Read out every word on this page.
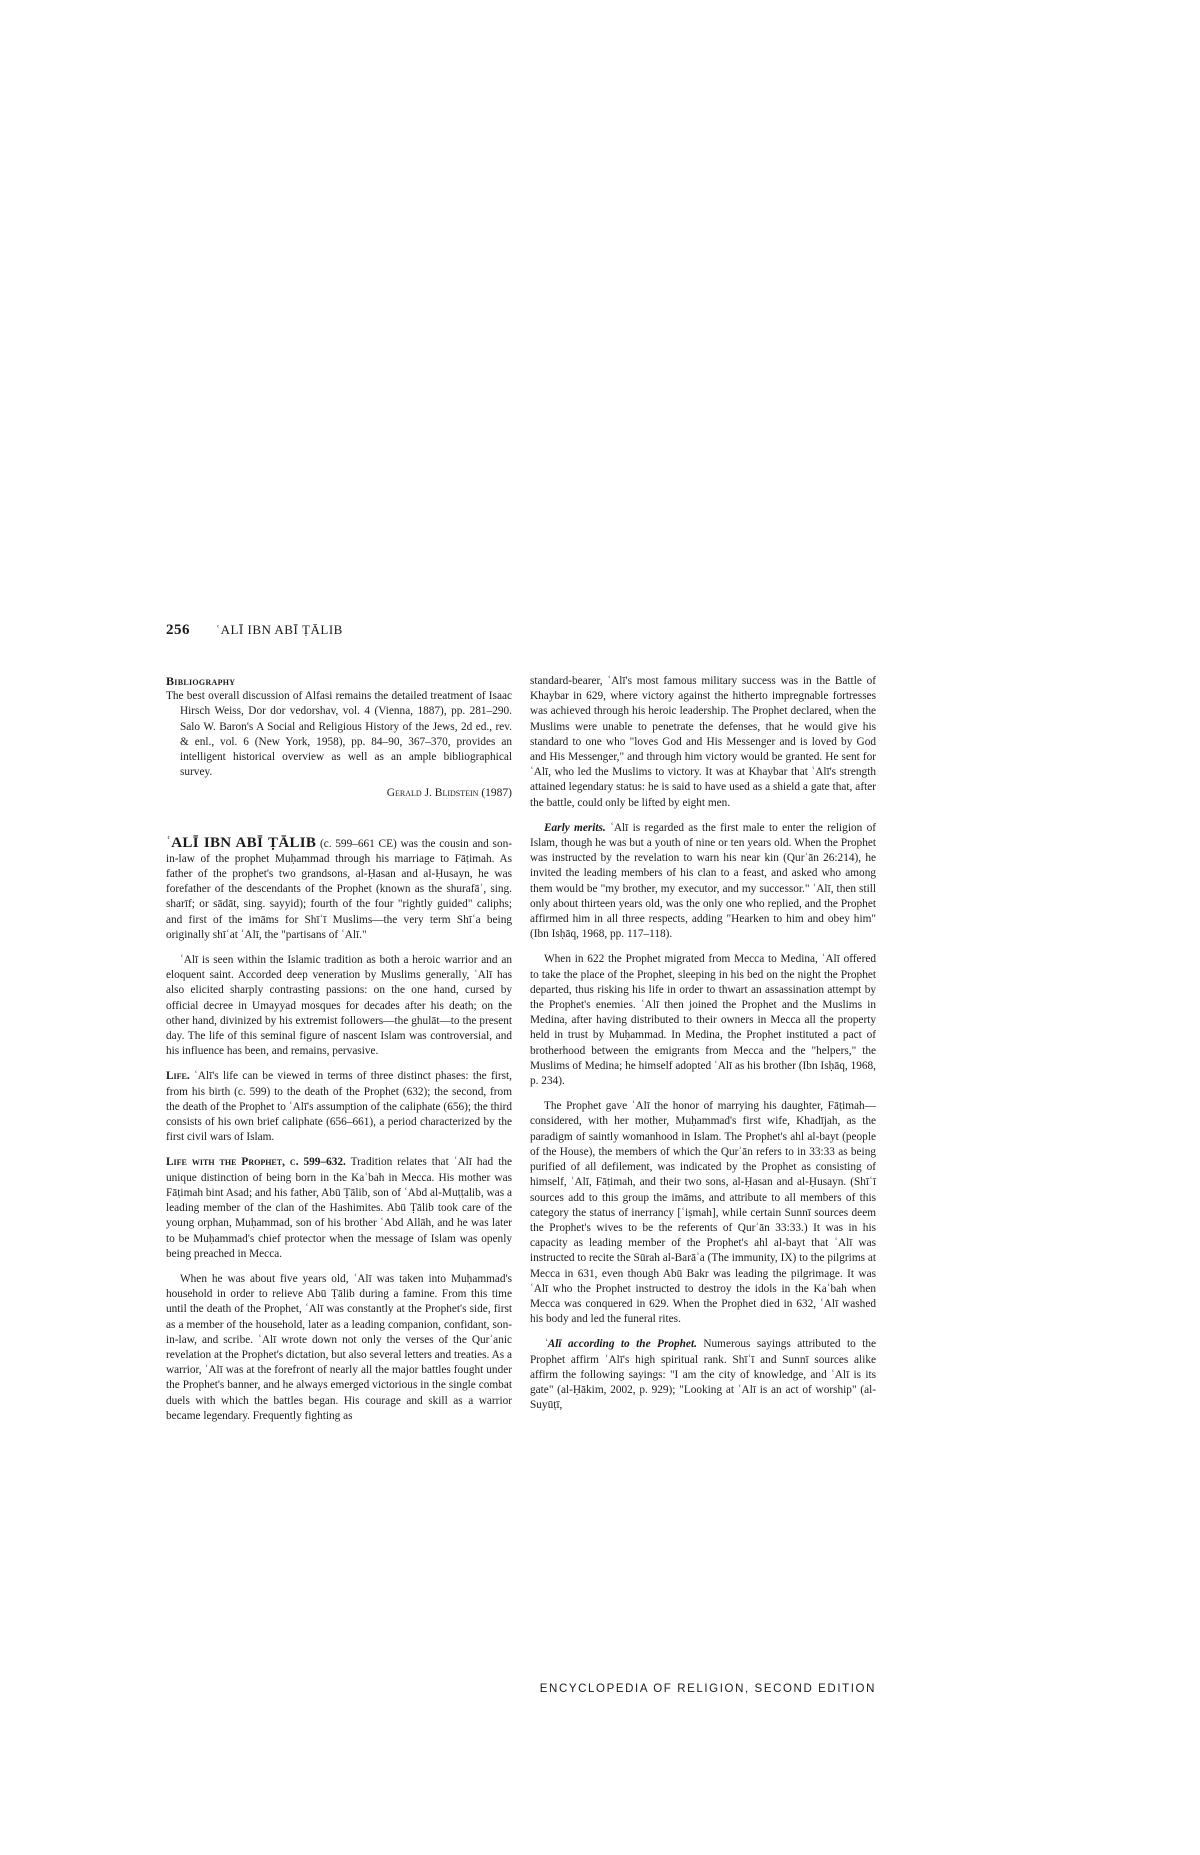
256 ʿALĪ IBN ABĪ ṬĀLIB
Bibliography

The best overall discussion of Alfasi remains the detailed treatment of Isaac Hirsch Weiss, Dor dor vedorshav, vol. 4 (Vienna, 1887), pp. 281–290. Salo W. Baron's A Social and Religious History of the Jews, 2d ed., rev. & enl., vol. 6 (New York, 1958), pp. 84–90, 367–370, provides an intelligent historical overview as well as an ample bibliographical survey.

Gerald J. Blidstein (1987)

ʿALĪ IBN ABĪ ṬĀLIB (c. 599–661 CE) was the cousin and son-in-law of the prophet Muḥammad through his marriage to Fāṭimah. As father of the prophet's two grandsons, al-Ḥasan and al-Ḥusayn, he was forefather of the descendants of the Prophet (known as the shurafāʾ, sing. sharīf; or sādāt, sing. sayyid); fourth of the four "rightly guided" caliphs; and first of the imāms for Shīʿī Muslims—the very term Shīʿa being originally shīʿat ʿAlī, the "partisans of ʿAlī."

ʿAlī is seen within the Islamic tradition as both a heroic warrior and an eloquent saint. Accorded deep veneration by Muslims generally, ʿAlī has also elicited sharply contrasting passions: on the one hand, cursed by official decree in Umayyad mosques for decades after his death; on the other hand, divinized by his extremist followers—the ghulāt—to the present day. The life of this seminal figure of nascent Islam was controversial, and his influence has been, and remains, pervasive.

Life. ʿAlī's life can be viewed in terms of three distinct phases: the first, from his birth (c. 599) to the death of the Prophet (632); the second, from the death of the Prophet to ʿAlī's assumption of the caliphate (656); the third consists of his own brief caliphate (656–661), a period characterized by the first civil wars of Islam.

Life with the Prophet, c. 599–632. Tradition relates that ʿAlī had the unique distinction of being born in the Kaʿbah in Mecca. His mother was Fāṭimah bint Asad; and his father, Abū Ṭālib, son of ʿAbd al-Muṭṭalib, was a leading member of the clan of the Hashimites. Abū Ṭālib took care of the young orphan, Muḥammad, son of his brother ʿAbd Allāh, and he was later to be Muḥammad's chief protector when the message of Islam was openly being preached in Mecca.

When he was about five years old, ʿAlī was taken into Muḥammad's household in order to relieve Abū Ṭālib during a famine. From this time until the death of the Prophet, ʿAlī was constantly at the Prophet's side, first as a member of the household, later as a leading companion, confidant, son-in-law, and scribe. ʿAlī wrote down not only the verses of the Qurʾanic revelation at the Prophet's dictation, but also several letters and treaties. As a warrior, ʿAlī was at the forefront of nearly all the major battles fought under the Prophet's banner, and he always emerged victorious in the single combat duels with which the battles began. His courage and skill as a warrior became legendary. Frequently fighting as

standard-bearer, ʿAlī's most famous military success was in the Battle of Khaybar in 629, where victory against the hitherto impregnable fortresses was achieved through his heroic leadership. The Prophet declared, when the Muslims were unable to penetrate the defenses, that he would give his standard to one who "loves God and His Messenger and is loved by God and His Messenger," and through him victory would be granted. He sent for ʿAlī, who led the Muslims to victory. It was at Khaybar that ʿAlī's strength attained legendary status: he is said to have used as a shield a gate that, after the battle, could only be lifted by eight men.

Early merits. ʿAlī is regarded as the first male to enter the religion of Islam, though he was but a youth of nine or ten years old. When the Prophet was instructed by the revelation to warn his near kin (Qurʾān 26:214), he invited the leading members of his clan to a feast, and asked who among them would be "my brother, my executor, and my successor." ʿAlī, then still only about thirteen years old, was the only one who replied, and the Prophet affirmed him in all three respects, adding "Hearken to him and obey him" (Ibn Isḥāq, 1968, pp. 117–118).

When in 622 the Prophet migrated from Mecca to Medina, ʿAlī offered to take the place of the Prophet, sleeping in his bed on the night the Prophet departed, thus risking his life in order to thwart an assassination attempt by the Prophet's enemies. ʿAlī then joined the Prophet and the Muslims in Medina, after having distributed to their owners in Mecca all the property held in trust by Muḥammad. In Medina, the Prophet instituted a pact of brotherhood between the emigrants from Mecca and the "helpers," the Muslims of Medina; he himself adopted ʿAlī as his brother (Ibn Isḥāq, 1968, p. 234).

The Prophet gave ʿAlī the honor of marrying his daughter, Fāṭimah—considered, with her mother, Muḥammad's first wife, Khadījah, as the paradigm of saintly womanhood in Islam. The Prophet's ahl al-bayt (people of the House), the members of which the Qurʾān refers to in 33:33 as being purified of all defilement, was indicated by the Prophet as consisting of himself, ʿAlī, Fāṭimah, and their two sons, al-Ḥasan and al-Ḥusayn. (Shīʿī sources add to this group the imāms, and attribute to all members of this category the status of inerrancy [ʿiṣmah], while certain Sunnī sources deem the Prophet's wives to be the referents of Qurʾān 33:33.) It was in his capacity as leading member of the Prophet's ahl al-bayt that ʿAlī was instructed to recite the Sūrah al-Barāʾa (The immunity, IX) to the pilgrims at Mecca in 631, even though Abū Bakr was leading the pilgrimage. It was ʿAlī who the Prophet instructed to destroy the idols in the Kaʿbah when Mecca was conquered in 629. When the Prophet died in 632, ʿAlī washed his body and led the funeral rites.

ʿAlī according to the Prophet. Numerous sayings attributed to the Prophet affirm ʿAlī's high spiritual rank. Shīʿī and Sunnī sources alike affirm the following sayings: "I am the city of knowledge, and ʿAlī is its gate" (al-Ḥākim, 2002, p. 929); "Looking at ʿAlī is an act of worship" (al-Suyūṭī,

ENCYCLOPEDIA OF RELIGION, SECOND EDITION
